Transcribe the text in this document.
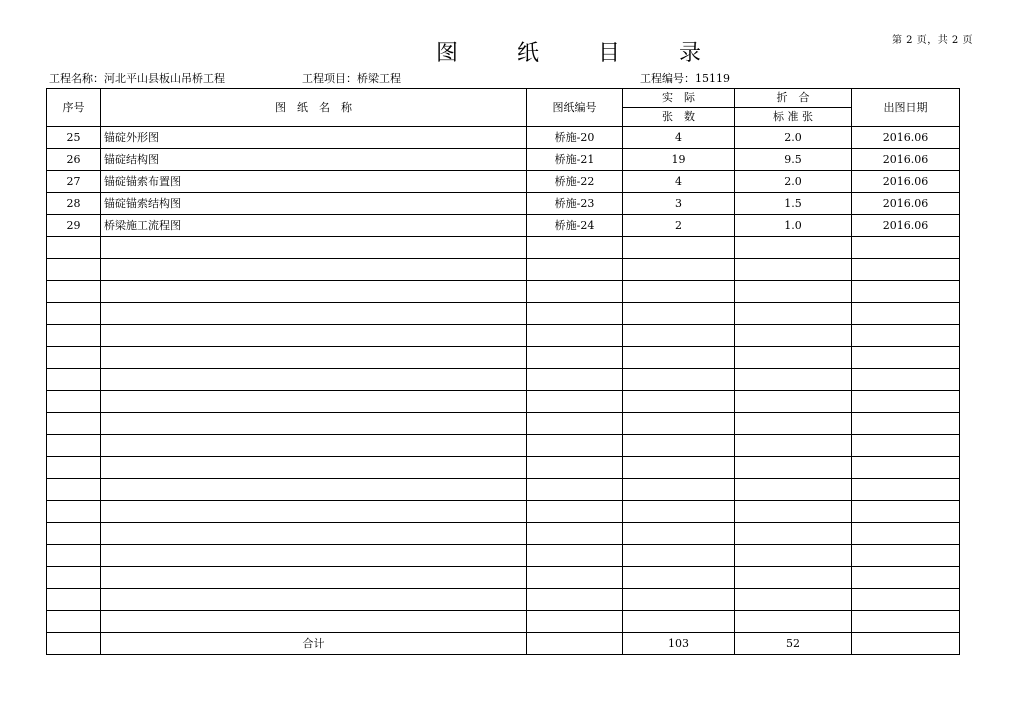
第 2 页，共 2 页
图 纸 目 录
工程名称：河北平山县板山吊桥工程	工程项目：桥梁工程	工程编号：15119
序号	图　纸　名　称	图纸编号	实　际	折　合	出图日期
			张　数	标 准 张	
25	锚碇外形图	桥施-20	4	2.0	2016.06
26	锚碇结构图	桥施-21	19	9.5	2016.06
27	锚碇锚索布置图	桥施-22	4	2.0	2016.06
28	锚碇锚索结构图	桥施-23	3	1.5	2016.06
29	桥梁施工流程图	桥施-24	2	1.0	2016.06

	合计		103	52	
